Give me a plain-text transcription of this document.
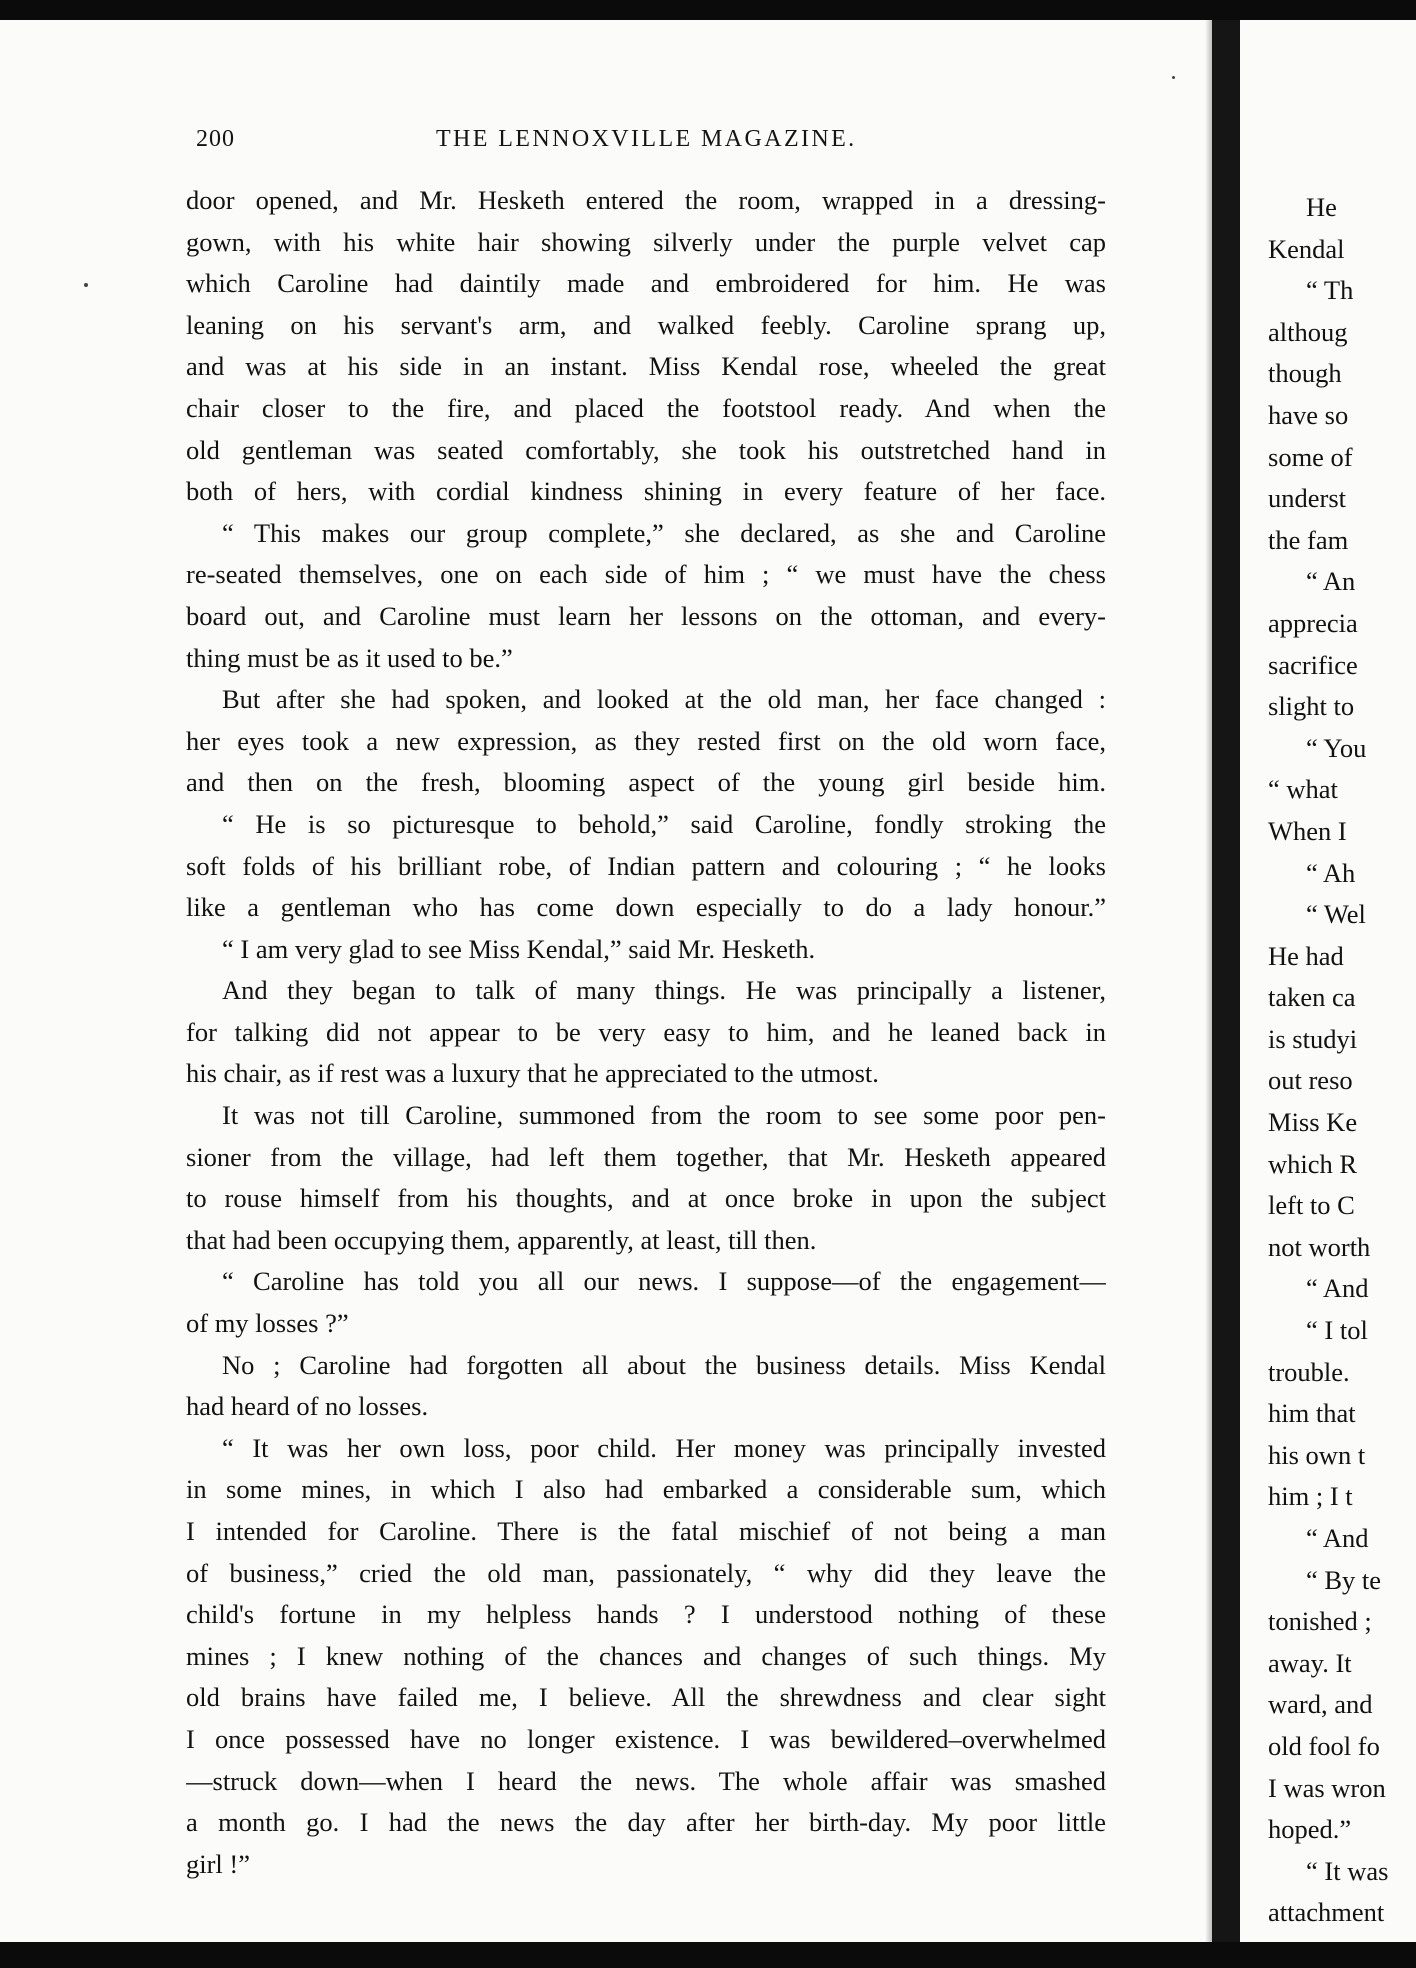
200	THE LENNOXVILLE MAGAZINE.
door opened, and Mr. Hesketh entered the room, wrapped in a dressing-
gown, with his white hair showing silverly under the purple velvet cap
which Caroline had daintily made and embroidered for him. He was
leaning on his servant's arm, and walked feebly. Caroline sprang up,
and was at his side in an instant. Miss Kendal rose, wheeled the great
chair closer to the fire, and placed the footstool ready. And when the
old gentleman was seated comfortably, she took his outstretched hand in
both of hers, with cordial kindness shining in every feature of her face.
“ This makes our group complete,” she declared, as she and Caroline
re-seated themselves, one on each side of him ; “ we must have the chess
board out, and Caroline must learn her lessons on the ottoman, and every-
thing must be as it used to be.”
But after she had spoken, and looked at the old man, her face changed :
her eyes took a new expression, as they rested first on the old worn face,
and then on the fresh, blooming aspect of the young girl beside him.
“ He is so picturesque to behold,” said Caroline, fondly stroking the
soft folds of his brilliant robe, of Indian pattern and colouring ; “ he looks
like a gentleman who has come down especially to do a lady honour.”
“ I am very glad to see Miss Kendal,” said Mr. Hesketh.
And they began to talk of many things. He was principally a listener,
for talking did not appear to be very easy to him, and he leaned back in
his chair, as if rest was a luxury that he appreciated to the utmost.
It was not till Caroline, summoned from the room to see some poor pen-
sioner from the village, had left them together, that Mr. Hesketh appeared
to rouse himself from his thoughts, and at once broke in upon the subject
that had been occupying them, apparently, at least, till then.
“ Caroline has told you all our news. I suppose—of the engagement—
of my losses ?”
No ; Caroline had forgotten all about the business details. Miss Kendal
had heard of no losses.
“ It was her own loss, poor child. Her money was principally invested
in some mines, in which I also had embarked a considerable sum, which
I intended for Caroline. There is the fatal mischief of not being a man
of business,” cried the old man, passionately, “ why did they leave the
child's fortune in my helpless hands ? I understood nothing of these
mines ; I knew nothing of the chances and changes of such things. My
old brains have failed me, I believe. All the shrewdness and clear sight
I once possessed have no longer existence. I was bewildered–overwhelmed
—struck down—when I heard the news. The whole affair was smashed
a month go. I had the news the day after her birth-day. My poor little
girl !”
He
Kendal
“ Th
althoug
though
have so
some of
underst
the fam
“ An
apprecia
sacrifice
slight to
“ You
“ what
When I
“ Ah
“ Wel
He had
taken ca
is studyi
out reso
Miss Ke
which R
left to C
not worth
“ And
“ I tol
trouble.
him that
his own t
him ; I t
“ And
“ By te
tonished ;
away. It
ward, and
old fool fo
I was wron
hoped.”
“ It was
attachment
